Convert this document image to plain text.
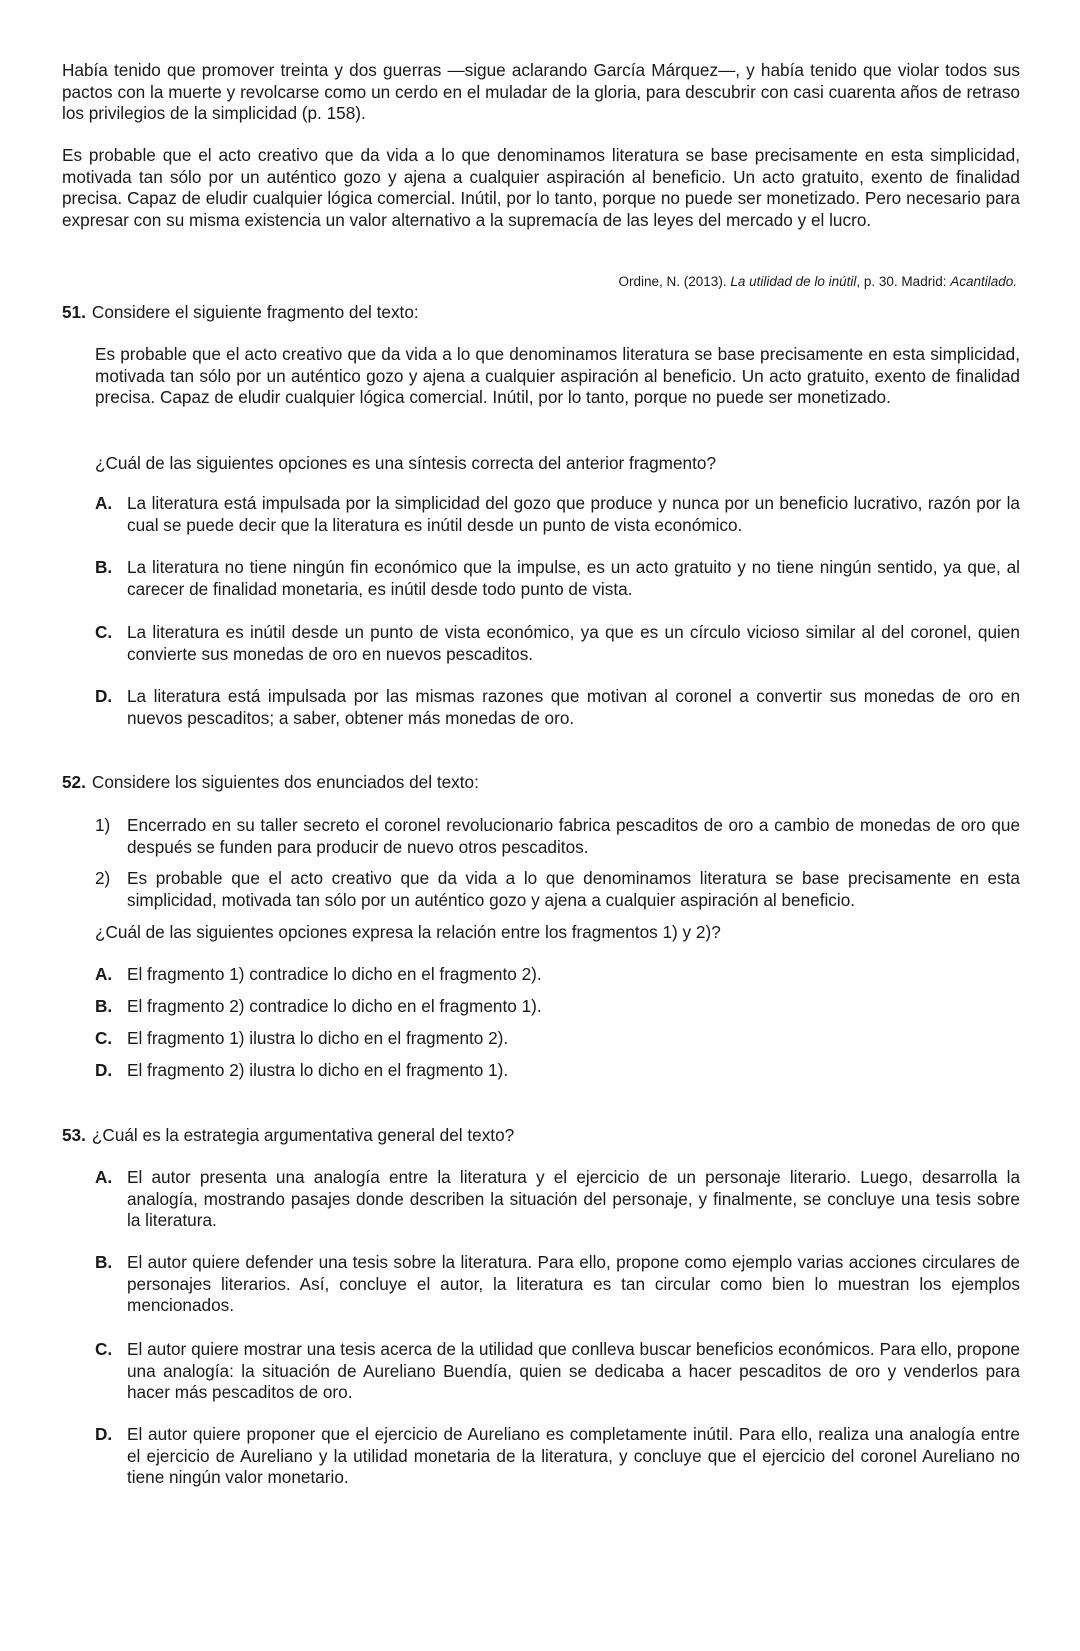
Había tenido que promover treinta y dos guerras —sigue aclarando García Márquez—, y había tenido que violar todos sus pactos con la muerte y revolcarse como un cerdo en el muladar de la gloria, para descubrir con casi cuarenta años de retraso los privilegios de la simplicidad (p. 158).

Es probable que el acto creativo que da vida a lo que denominamos literatura se base precisamente en esta simplicidad, motivada tan sólo por un auténtico gozo y ajena a cualquier aspiración al beneficio. Un acto gratuito, exento de finalidad precisa. Capaz de eludir cualquier lógica comercial. Inútil, por lo tanto, porque no puede ser monetizado. Pero necesario para expresar con su misma existencia un valor alternativo a la supremacía de las leyes del mercado y el lucro.

Ordine, N. (2013). La utilidad de lo inútil, p. 30. Madrid: Acantilado.
51. Considere el siguiente fragmento del texto:

Es probable que el acto creativo que da vida a lo que denominamos literatura se base precisamente en esta simplicidad, motivada tan sólo por un auténtico gozo y ajena a cualquier aspiración al beneficio. Un acto gratuito, exento de finalidad precisa. Capaz de eludir cualquier lógica comercial. Inútil, por lo tanto, porque no puede ser monetizado.

¿Cuál de las siguientes opciones es una síntesis correcta del anterior fragmento?

A. La literatura está impulsada por la simplicidad del gozo que produce y nunca por un beneficio lucrativo, razón por la cual se puede decir que la literatura es inútil desde un punto de vista económico.
B. La literatura no tiene ningún fin económico que la impulse, es un acto gratuito y no tiene ningún sentido, ya que, al carecer de finalidad monetaria, es inútil desde todo punto de vista.
C. La literatura es inútil desde un punto de vista económico, ya que es un círculo vicioso similar al del coronel, quien convierte sus monedas de oro en nuevos pescaditos.
D. La literatura está impulsada por las mismas razones que motivan al coronel a convertir sus monedas de oro en nuevos pescaditos; a saber, obtener más monedas de oro.
52. Considere los siguientes dos enunciados del texto:
1) Encerrado en su taller secreto el coronel revolucionario fabrica pescaditos de oro a cambio de monedas de oro que después se funden para producir de nuevo otros pescaditos.
2) Es probable que el acto creativo que da vida a lo que denominamos literatura se base precisamente en esta simplicidad, motivada tan sólo por un auténtico gozo y ajena a cualquier aspiración al beneficio.

¿Cuál de las siguientes opciones expresa la relación entre los fragmentos 1) y 2)?

A. El fragmento 1) contradice lo dicho en el fragmento 2).
B. El fragmento 2) contradice lo dicho en el fragmento 1).
C. El fragmento 1) ilustra lo dicho en el fragmento 2).
D. El fragmento 2) ilustra lo dicho en el fragmento 1).
53. ¿Cuál es la estrategia argumentativa general del texto?
A. El autor presenta una analogía entre la literatura y el ejercicio de un personaje literario. Luego, desarrolla la analogía, mostrando pasajes donde describen la situación del personaje, y finalmente, se concluye una tesis sobre la literatura.
B. El autor quiere defender una tesis sobre la literatura. Para ello, propone como ejemplo varias acciones circulares de personajes literarios. Así, concluye el autor, la literatura es tan circular como bien lo muestran los ejemplos mencionados.
C. El autor quiere mostrar una tesis acerca de la utilidad que conlleva buscar beneficios económicos. Para ello, propone una analogía: la situación de Aureliano Buendía, quien se dedicaba a hacer pescaditos de oro y venderlos para hacer más pescaditos de oro.
D. El autor quiere proponer que el ejercicio de Aureliano es completamente inútil. Para ello, realiza una analogía entre el ejercicio de Aureliano y la utilidad monetaria de la literatura, y concluye que el ejercicio del coronel Aureliano no tiene ningún valor monetario.
